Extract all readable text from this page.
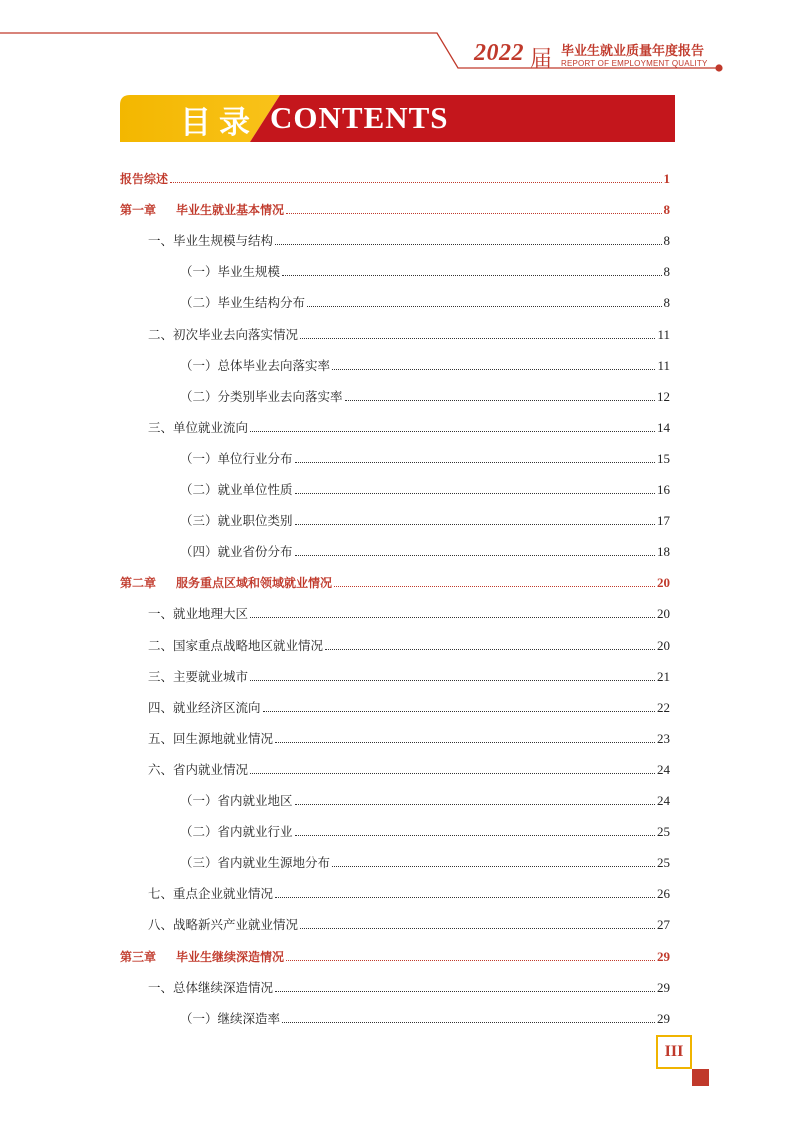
2022 届 毕业生就业质量年度报告
REPORT OF EMPLOYMENT QUALITY
目录 CONTENTS
报告综述	1
第一章 毕业生就业基本情况	8
一、毕业生规模与结构	8
（一）毕业生规模	8
（二）毕业生结构分布	8
二、初次毕业去向落实情况	11
（一）总体毕业去向落实率	11
（二）分类别毕业去向落实率	12
三、单位就业流向	14
（一）单位行业分布	15
（二）就业单位性质	16
（三）就业职位类别	17
（四）就业省份分布	18
第二章 服务重点区域和领域就业情况	20
一、就业地理大区	20
二、国家重点战略地区就业情况	20
三、主要就业城市	21
四、就业经济区流向	22
五、回生源地就业情况	23
六、省内就业情况	24
（一）省内就业地区	24
（二）省内就业行业	25
（三）省内就业生源地分布	25
七、重点企业就业情况	26
八、战略新兴产业就业情况	27
第三章 毕业生继续深造情况	29
一、总体继续深造情况	29
（一）继续深造率	29
III
